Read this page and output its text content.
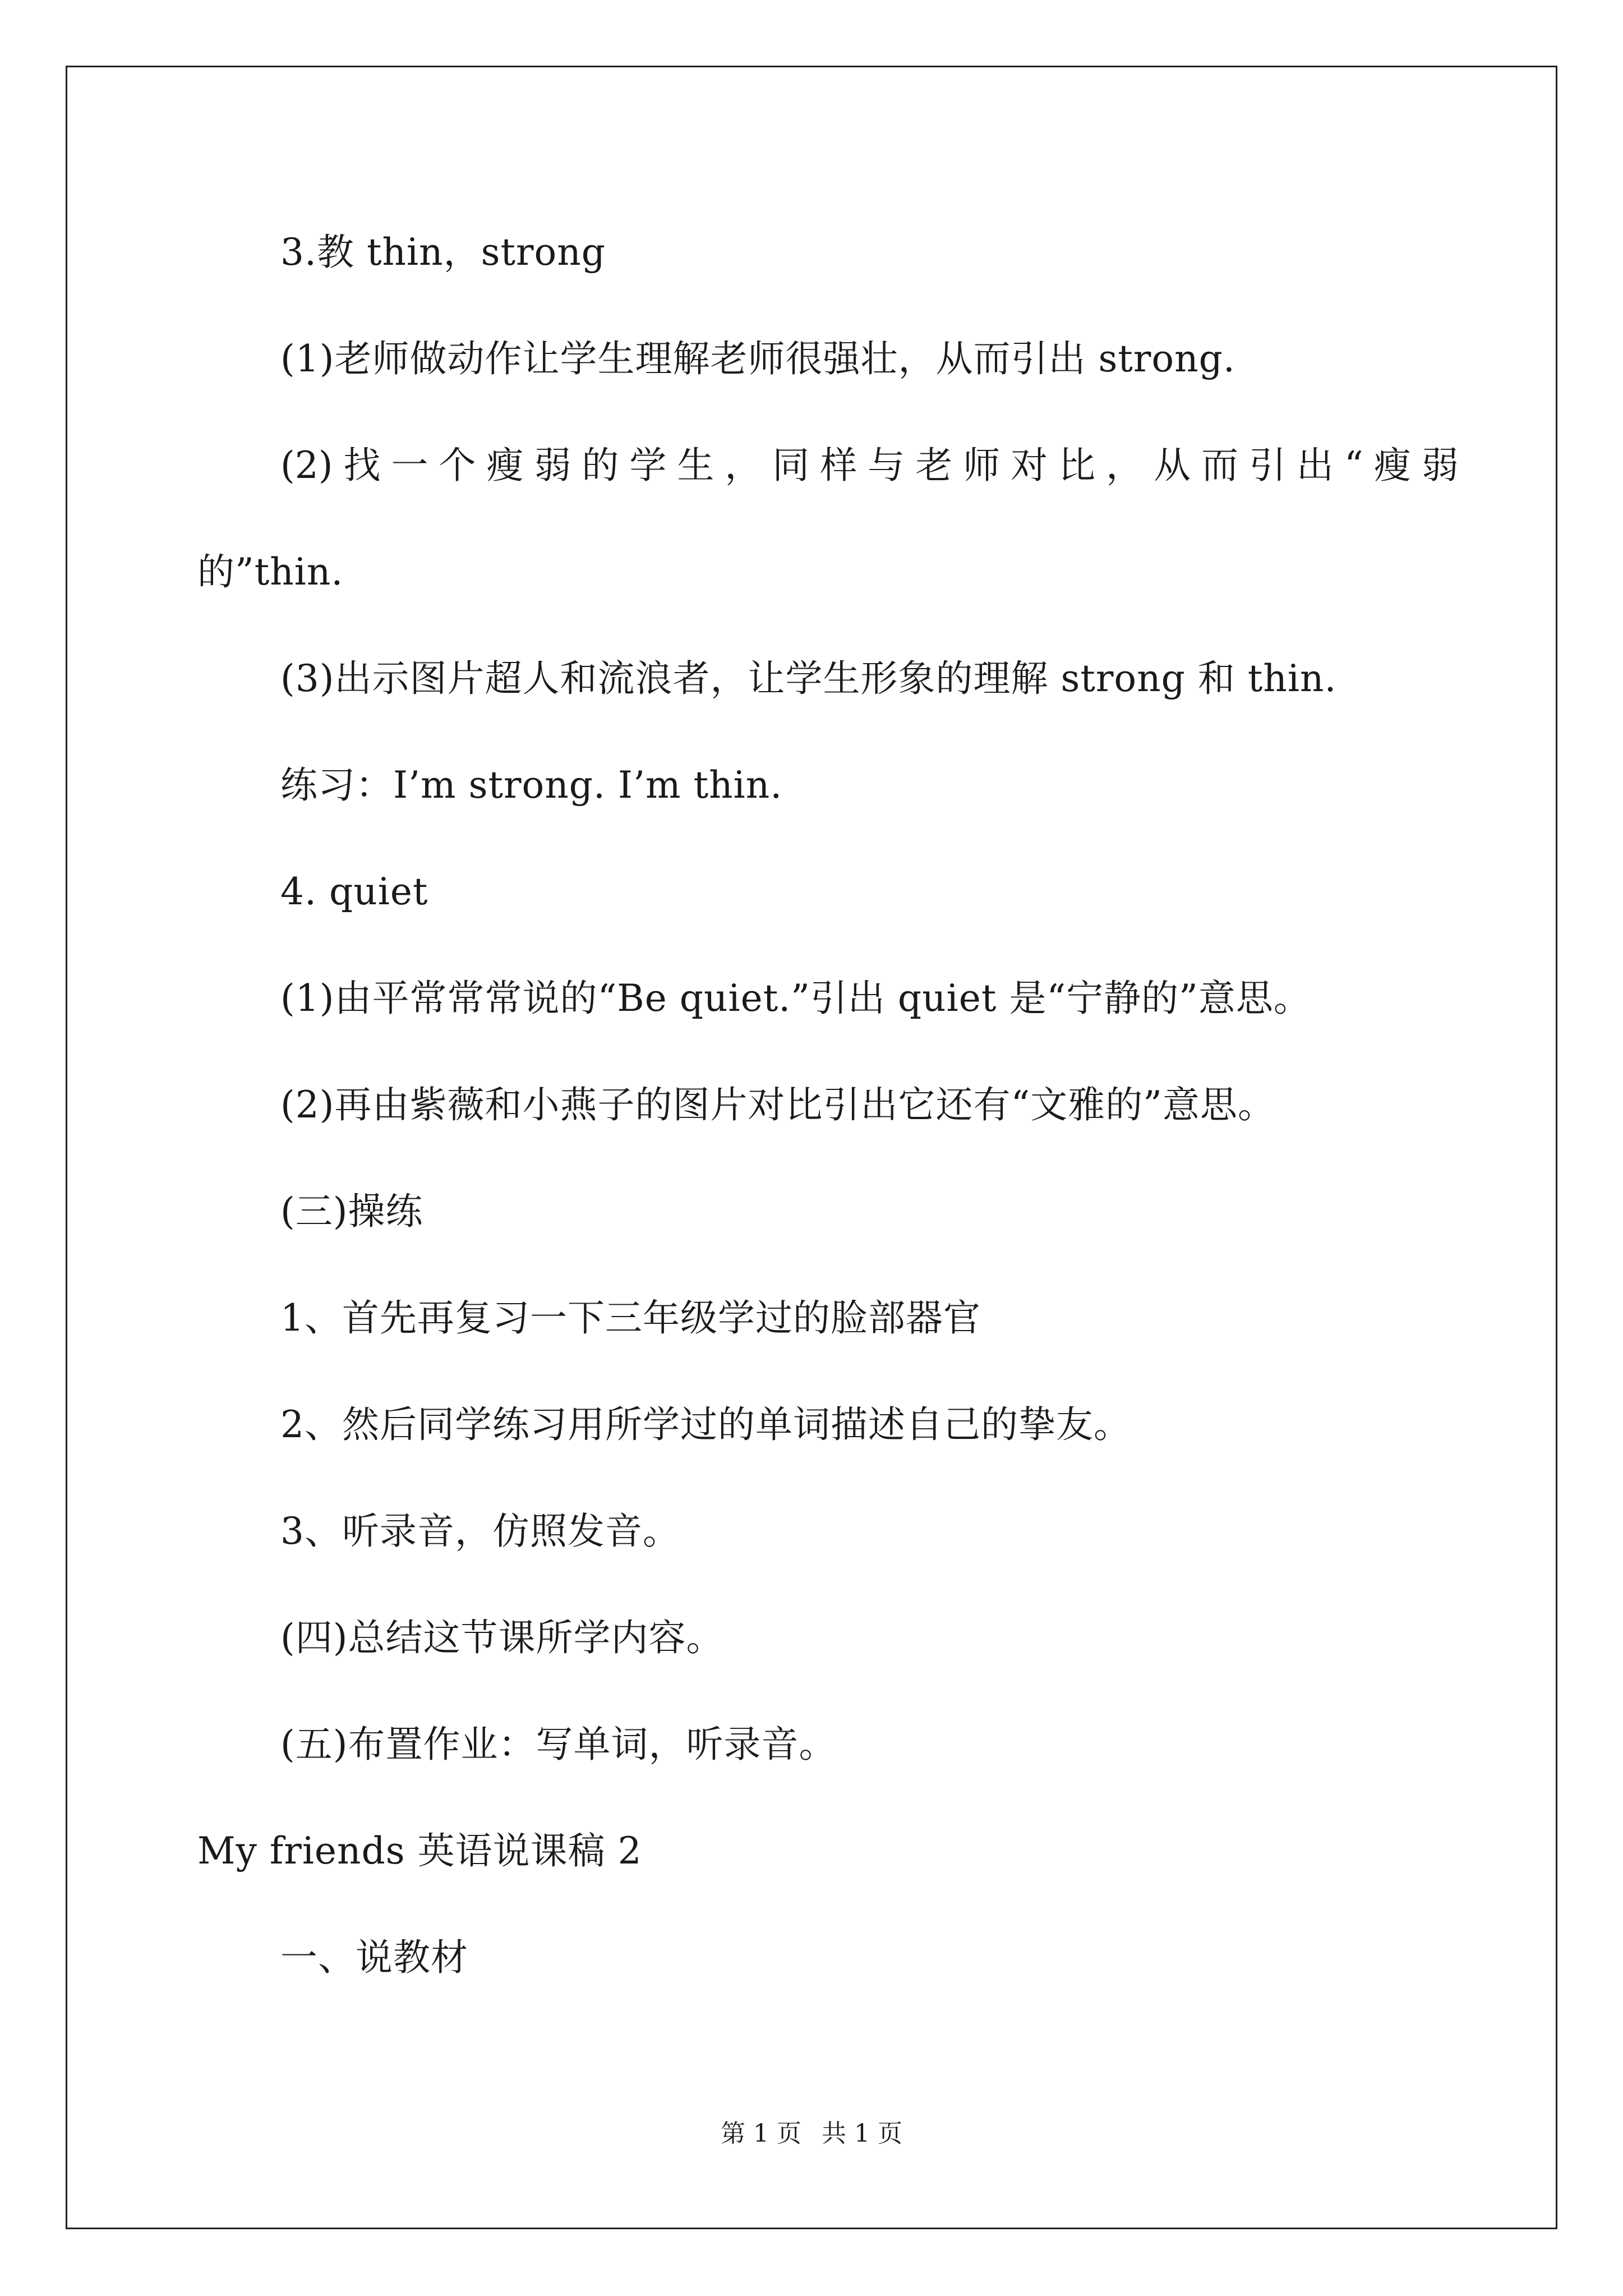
3.教 thin，strong
(1)老师做动作让学生理解老师很强壮，从而引出 strong.
(2) 找 一 个 瘦 弱 的 学 生 ， 同 样 与 老 师 对 比 ， 从 而 引 出 “ 瘦 弱
的”thin.
(3)出示图片超人和流浪者，让学生形象的理解 strong 和 thin.
练习：I’m strong. I’m thin.
4. quiet
(1)由平常常常说的“Be quiet.”引出 quiet 是“宁静的”意思。
(2)再由紫薇和小燕子的图片对比引出它还有“文雅的”意思。
(三)操练
1、首先再复习一下三年级学过的脸部器官
2、然后同学练习用所学过的单词描述自己的挚友。
3、听录音，仿照发音。
(四)总结这节课所学内容。
(五)布置作业：写单词，听录音。
My friends 英语说课稿 2
一、说教材
第 1 页 共 1 页
